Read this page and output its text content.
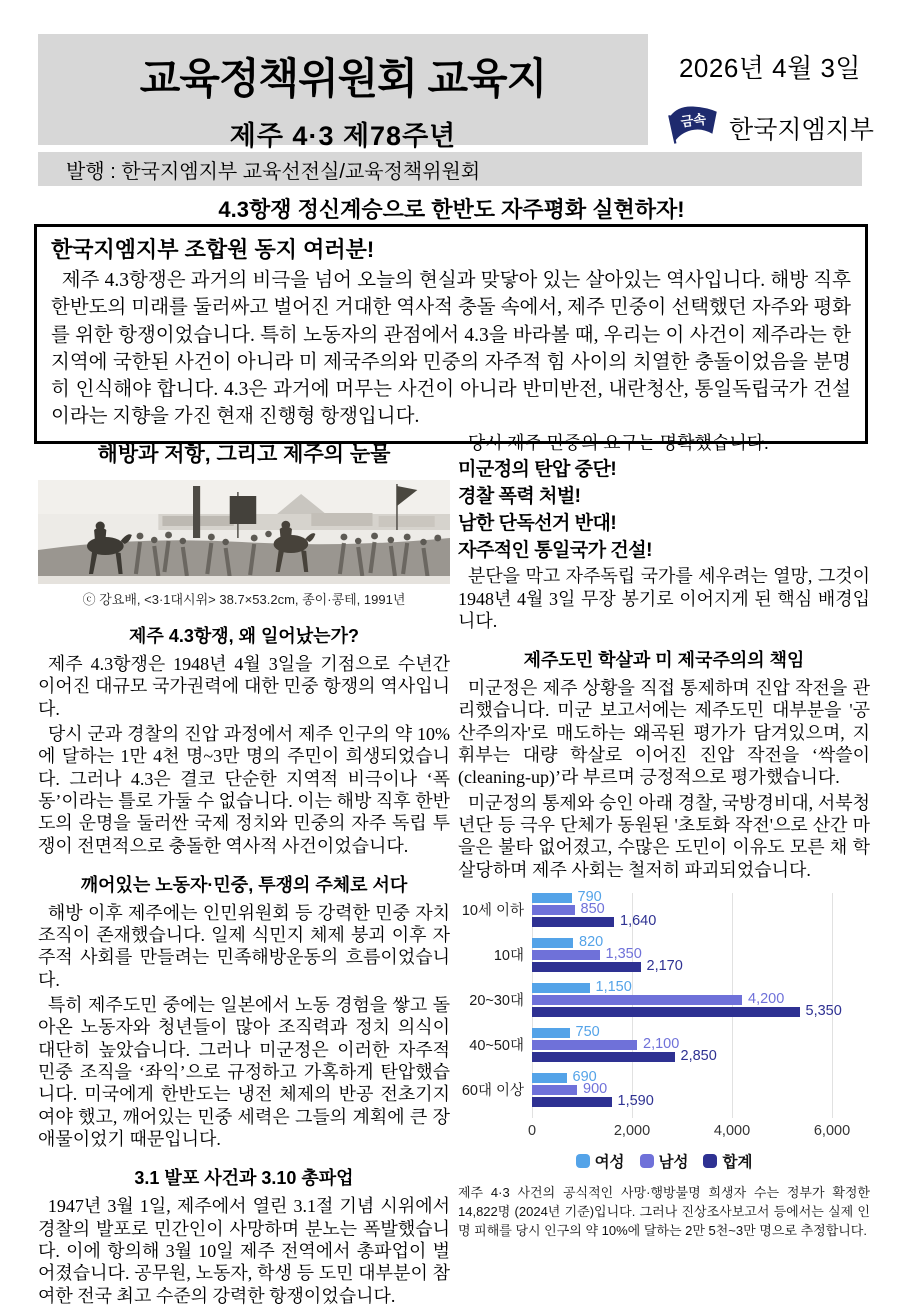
교육정책위원회 교육지
제주 4·3 제78주년
2026년 4월 3일
금속 한국지엠지부
발행 : 한국지엠지부 교육선전실/교육정책위원회
4.3항쟁 정신계승으로 한반도 자주평화 실현하자!
한국지엠지부 조합원 동지 여러분!
제주 4.3항쟁은 과거의 비극을 넘어 오늘의 현실과 맞닿아 있는 살아있는 역사입니다. 해방 직후 한반도의 미래를 둘러싸고 벌어진 거대한 역사적 충돌 속에서, 제주 민중이 선택했던 자주와 평화를 위한 항쟁이었습니다. 특히 노동자의 관점에서 4.3을 바라볼 때, 우리는 이 사건이 제주라는 한 지역에 국한된 사건이 아니라 미 제국주의와 민중의 자주적 힘 사이의 치열한 충돌이었음을 분명히 인식해야 합니다. 4.3은 과거에 머무는 사건이 아니라 반미반전, 내란청산, 통일독립국가 건설이라는 지향을 가진 현재 진행형 항쟁입니다.
해방과 저항, 그리고 제주의 눈물
ⓒ 강요배, <3·1대시위> 38.7×53.2cm, 종이·콩테, 1991년
제주 4.3항쟁, 왜 일어났는가?

제주 4.3항쟁은 1948년 4월 3일을 기점으로 수년간 이어진 대규모 국가권력에 대한 민중 항쟁의 역사입니다.

당시 군과 경찰의 진압 과정에서 제주 인구의 약 10%에 달하는 1만 4천 명~3만 명의 주민이 희생되었습니다. 그러나 4.3은 결코 단순한 지역적 비극이나 ‘폭동’이라는 틀로 가둘 수 없습니다. 이는 해방 직후 한반도의 운명을 둘러싼 국제 정치와 민중의 자주 독립 투쟁이 전면적으로 충돌한 역사적 사건이었습니다.

깨어있는 노동자·민중, 투쟁의 주체로 서다

해방 이후 제주에는 인민위원회 등 강력한 민중 자치 조직이 존재했습니다. 일제 식민지 체제 붕괴 이후 자주적 사회를 만들려는 민족해방운동의 흐름이었습니다.

특히 제주도민 중에는 일본에서 노동 경험을 쌓고 돌아온 노동자와 청년들이 많아 조직력과 정치 의식이 대단히 높았습니다. 그러나 미군정은 이러한 자주적 민중 조직을 ‘좌익’으로 규정하고 가혹하게 탄압했습니다. 미국에게 한반도는 냉전 체제의 반공 전초기지여야 했고, 깨어있는 민중 세력은 그들의 계획에 큰 장애물이었기 때문입니다.

3.1 발포 사건과 3.10 총파업

1947년 3월 1일, 제주에서 열린 3.1절 기념 시위에서 경찰의 발포로 민간인이 사망하며 분노는 폭발했습니다. 이에 항의해 3월 10일 제주 전역에서 총파업이 벌어졌습니다. 공무원, 노동자, 학생 등 도민 대부분이 참여한 전국 최고 수준의 강력한 항쟁이었습니다.

당시 제주 민중의 요구는 명확했습니다.

미군정의 탄압 중단!
경찰 폭력 처벌!
남한 단독선거 반대!
자주적인 통일국가 건설!

분단을 막고 자주독립 국가를 세우려는 열망, 그것이 1948년 4월 3일 무장 봉기로 이어지게 된 핵심 배경입니다.

제주도민 학살과 미 제국주의의 책임

미군정은 제주 상황을 직접 통제하며 진압 작전을 관리했습니다. 미군 보고서에는 제주도민 대부분을 '공산주의자'로 매도하는 왜곡된 평가가 담겨있으며, 지휘부는 대량 학살로 이어진 진압 작전을 ‘싹쓸이(cleaning-up)’라 부르며 긍정적으로 평가했습니다.

미군정의 통제와 승인 아래 경찰, 국방경비대, 서북청년단 등 극우 단체가 동원된 '초토화 작전'으로 산간 마을은 불타 없어졌고, 수많은 도민이 이유도 모른 채 학살당하며 제주 사회는 철저히 파괴되었습니다.

10세 이하
10대
20~30대
40~50대
60대 이상
790
850
1,640
820
1,350
2,170
1,150
4,200
5,350
750
2,100
2,850
690
900
1,590
0	2,000	4,000	6,000
여성 남성 합계

제주 4·3 사건의 공식적인 사망·행방불명 희생자 수는 정부가 확정한 14,822명 (2024년 기준)입니다. 그러나 진상조사보고서 등에서는 실제 인명 피해를 당시 인구의 약 10%에 달하는 2만 5천~3만 명으로 추정합니다.
